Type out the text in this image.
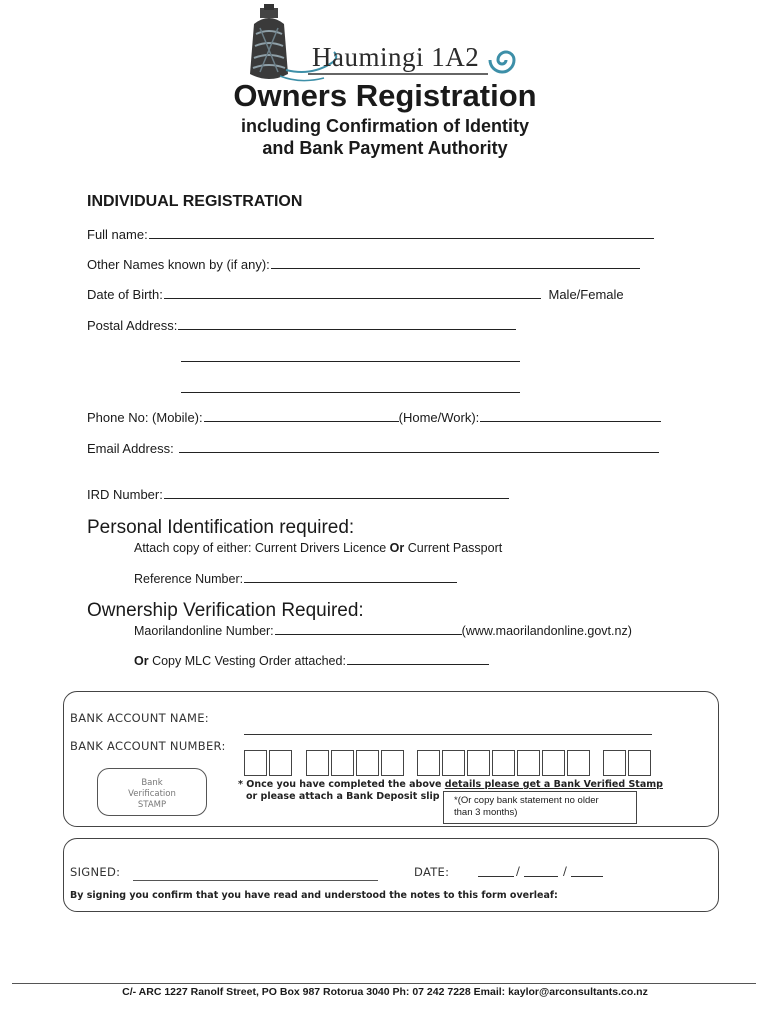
Haumingi 1A2
Owners Registration
including Confirmation of Identity
and Bank Payment Authority
INDIVIDUAL REGISTRATION
Full name:
Other Names known by (if any):
Date of Birth:	Male/Female
Postal Address:
Phone No: (Mobile):	(Home/Work):
Email Address:
IRD Number:
Personal Identification required:
Attach copy of either: Current Drivers Licence Or Current Passport
Reference Number:
Ownership Verification Required:
Maorilandonline Number:	(www.maorilandonline.govt.nz)
Or Copy MLC Vesting Order attached:
BANK ACCOUNT NAME:
BANK ACCOUNT NUMBER:
Bank
Verification
STAMP
* Once you have completed the above details please get a Bank Verified Stamp
or please attach a Bank Deposit slip *(Or copy bank statement no older
than 3 months)
SIGNED:	DATE:	/	/
By signing you confirm that you have read and understood the notes to this form overleaf:
C/- ARC 1227 Ranolf Street, PO Box 987 Rotorua 3040 Ph: 07 242 7228 Email: kaylor@arconsultants.co.nz
